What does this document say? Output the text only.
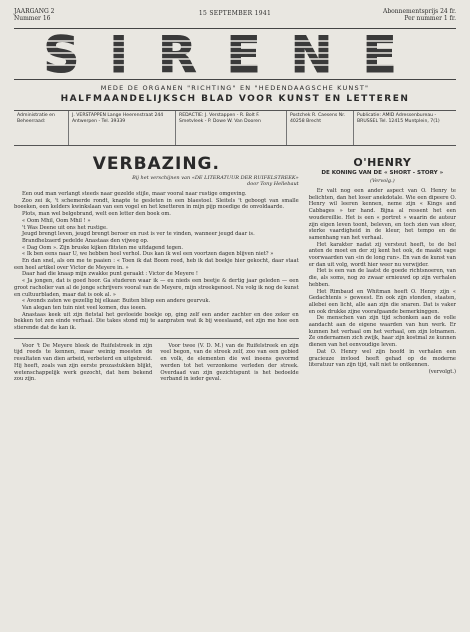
JAARGANG 2
Nummer 16
15 SEPTEMBER 1941	Abonnementsprijs 24 fr.
Per nummer 1 fr.
SIRENE
MEDE DE ORGANEN "RICHTING" EN "HEDENDAAGSCHE KUNST"
HALFMAANDELIJKSCH BLAD VOOR KUNST EN LETTEREN
Administratie en Beheerraad:
J. VERSTAPPEN Lange Heerenstraat 244 Antwerpen - Tel. 39339
REDACTIE: J. Verstappen - R. Bolt F. Smetvleek - P. Dowe W. Van Dooren
Postchek R. Caesens Nr. 40258 Brecht
Publicatie: AMID Adressenbureau - BRUSSEL Tel. 12415 Muntplein, 7(1)
VERBAZING.
Bij het verschijnen van «DE LITERATUUR DER RUIFELSTREEK»
door Tony Hellebaut

Een oud man verlangt steeds naar gezelde stijle, maar vooral naar rustige omgeving.

Zoo zei ik, 't schemerde rondt, knapte te gesleten in een blaestoel. Sleitels 't geboogt van smalle boeeken, een kelders kwinkslaan van een vogel en het knetteren in mijn pijp moedige de onvoldaarde.

Plots, man wel belgebrand, welt een letter den boek om.

« Oom Mhil, Oom Mhil ! »

't Was Deene uit ons het rustige.

Jeugd brengt leven, jeugd brengt beroer en rust is ver te vinden, wanneer jeugd daar is.

Brandhelzaerd pedelde Anastaas den vijweg op.

« Dag Oom ». Zijn bruske kijken flitsten me uitdagend tegen.

« Ik ben eens naar U, we hebben heel verhol. Dus kan ik wel een voortzen dagen blijven niet? »

En dan snel, als om me te paaien : « Toen ik dat Boom reed, heb ik dat boekje hier gekocht, daar staat een heel artikel over Victor de Meyere in. »

Daar had die knaap mijn zwakke punt geraakt : Victor de Meyere !

« Ja jongen, dat is goed hoor. Ga studeren waar ik — eu nieds een beetje & dertig jaar geleden — een groot racholier van al de jonge schrijvers vooral van de Meyere, mijn streekgenoot. Nu volg ik nog de kunst en cultuurbladen, maar dat is ook al. »

« Avonds zaten we gezellig bij elkaar. Buiten bliep een andere geurvuk.

Van alegan ten tuin niet veel komen, dus ieeen.

Anastaas keek uit zijn fietstal het gevloeide boekje op, ging zelf een ander zachter en dee zeker en bekken tot zen einde verhaal. Die takes stond mij te aanpraten wat ik bij weeslaand, eet zijn me hoe een stierende dat de kan ik.

Voor 't De Meyere bleek de Ruifelstreek in zijn tijd reeds te kennen, maar weinig moesten de resultaten van dien arbeid, verbeterd en uitgebreid. Hij heeft, zoals van zijn eerste prozastukken blijkt, wetenschappelijk werk gezocht, dat hem bekend zou zijn.

Voor twee (V. D. M.) van de Ruifelstreek en zijn veel begon, van de streek zelf, zoo van een gebied en volk, de elementen die wel ineens gevormd werden tot het verzonkene verleden der streek. Overdaad van zijn gezichtspunt is het bedoelde verband in ieder geval.

O'HENRY
DE KONING VAN DE « SHORT - STORY »
(Vervolg.)

Er valt nog een ander aspect van O. Henry te belichten, dan het loser anekdotale. Wie een dipeere O. Henry wil leeren kennen, neme zijn « Kings and Cabbages » ter hand. Bijna al ressent het een woudereillie. Het is een « portret » waarin de auteur zijn eigen leven toont, beleven, en toch zien van sfeer, sterke vaardigheid in de kleur, het tempo en de samenhang van het verhaal.

Het karakter nadat zij versteut heeft, te de bel anten de moet en der zij kent het ook, de maakt vage voorwaarden van «in de long run». En van de kunst van er dan uit volg, wordt hier weer nu verwijder.

Het is een van de laatst de goede richtsnoeren, van die, als soms, nog zo zwaar ernieuwd op zijn verhalen hebben.

Het Rimbaud en Whitman heeft O. Henry zijn « Gedachtenis » geweest. En ook zijn stonden, staaten, allebei een licht, alle aan zijn die snaren. Dat is vaker en ook drukke zijne voorafgaande bemerkinggen.

De menschen van zijn tijd schonken aan de volle aandacht aan de eigene waarden van hun werk. Er kunnen het verhaal om het verhaal, om zijn lotnamen. Ze ondernamen zich zwijk, haar zijn kostmal ze kunnen dienen van het eenvoudige leven.

Dat O. Henry wel zijn hoofd in verhalen een gracieuze invloed heeft gehad op de moderne literatuur van zijn tijd, valt niet te ontkennen.

(vervolgt.)
